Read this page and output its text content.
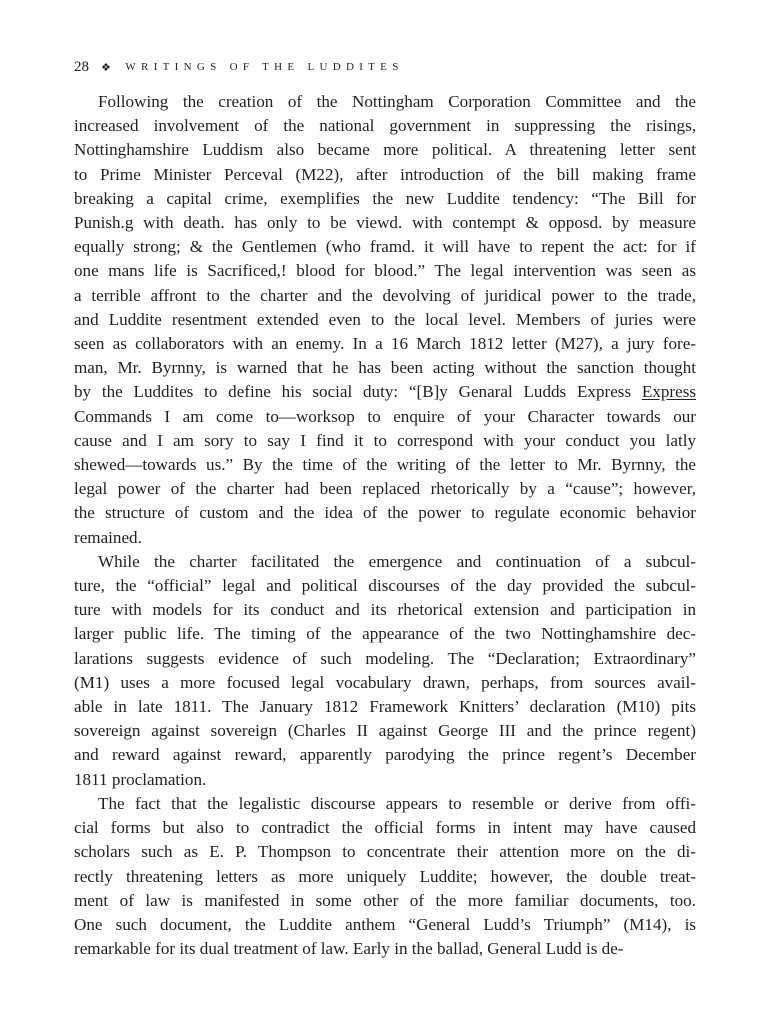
28 ❖ WRITINGS OF THE LUDDITES

Following the creation of the Nottingham Corporation Committee and the
increased involvement of the national government in suppressing the risings,
Nottinghamshire Luddism also became more political. A threatening letter sent
to Prime Minister Perceval (M22), after introduction of the bill making frame
breaking a capital crime, exemplifies the new Luddite tendency: “The Bill for
Punish.g with death. has only to be viewd. with contempt & opposd. by measure
equally strong; & the Gentlemen (who framd. it will have to repent the act: for if
one mans life is Sacrificed,! blood for blood.” The legal intervention was seen as
a terrible affront to the charter and the devolving of juridical power to the trade,
and Luddite resentment extended even to the local level. Members of juries were
seen as collaborators with an enemy. In a 16 March 1812 letter (M27), a jury fore-
man, Mr. Byrnny, is warned that he has been acting without the sanction thought
by the Luddites to define his social duty: “[B]y Genaral Ludds Express Express
Commands I am come to—worksop to enquire of your Character towards our
cause and I am sory to say I find it to correspond with your conduct you latly
shewed—towards us.” By the time of the writing of the letter to Mr. Byrnny, the
legal power of the charter had been replaced rhetorically by a “cause”; however,
the structure of custom and the idea of the power to regulate economic behavior
remained.

While the charter facilitated the emergence and continuation of a subcul-
ture, the “official” legal and political discourses of the day provided the subcul-
ture with models for its conduct and its rhetorical extension and participation in
larger public life. The timing of the appearance of the two Nottinghamshire dec-
larations suggests evidence of such modeling. The “Declaration; Extraordinary”
(M1) uses a more focused legal vocabulary drawn, perhaps, from sources avail-
able in late 1811. The January 1812 Framework Knitters’ declaration (M10) pits
sovereign against sovereign (Charles II against George III and the prince regent)
and reward against reward, apparently parodying the prince regent’s December
1811 proclamation.

The fact that the legalistic discourse appears to resemble or derive from offi-
cial forms but also to contradict the official forms in intent may have caused
scholars such as E. P. Thompson to concentrate their attention more on the di-
rectly threatening letters as more uniquely Luddite; however, the double treat-
ment of law is manifested in some other of the more familiar documents, too.
One such document, the Luddite anthem “General Ludd’s Triumph” (M14), is
remarkable for its dual treatment of law. Early in the ballad, General Ludd is de-
